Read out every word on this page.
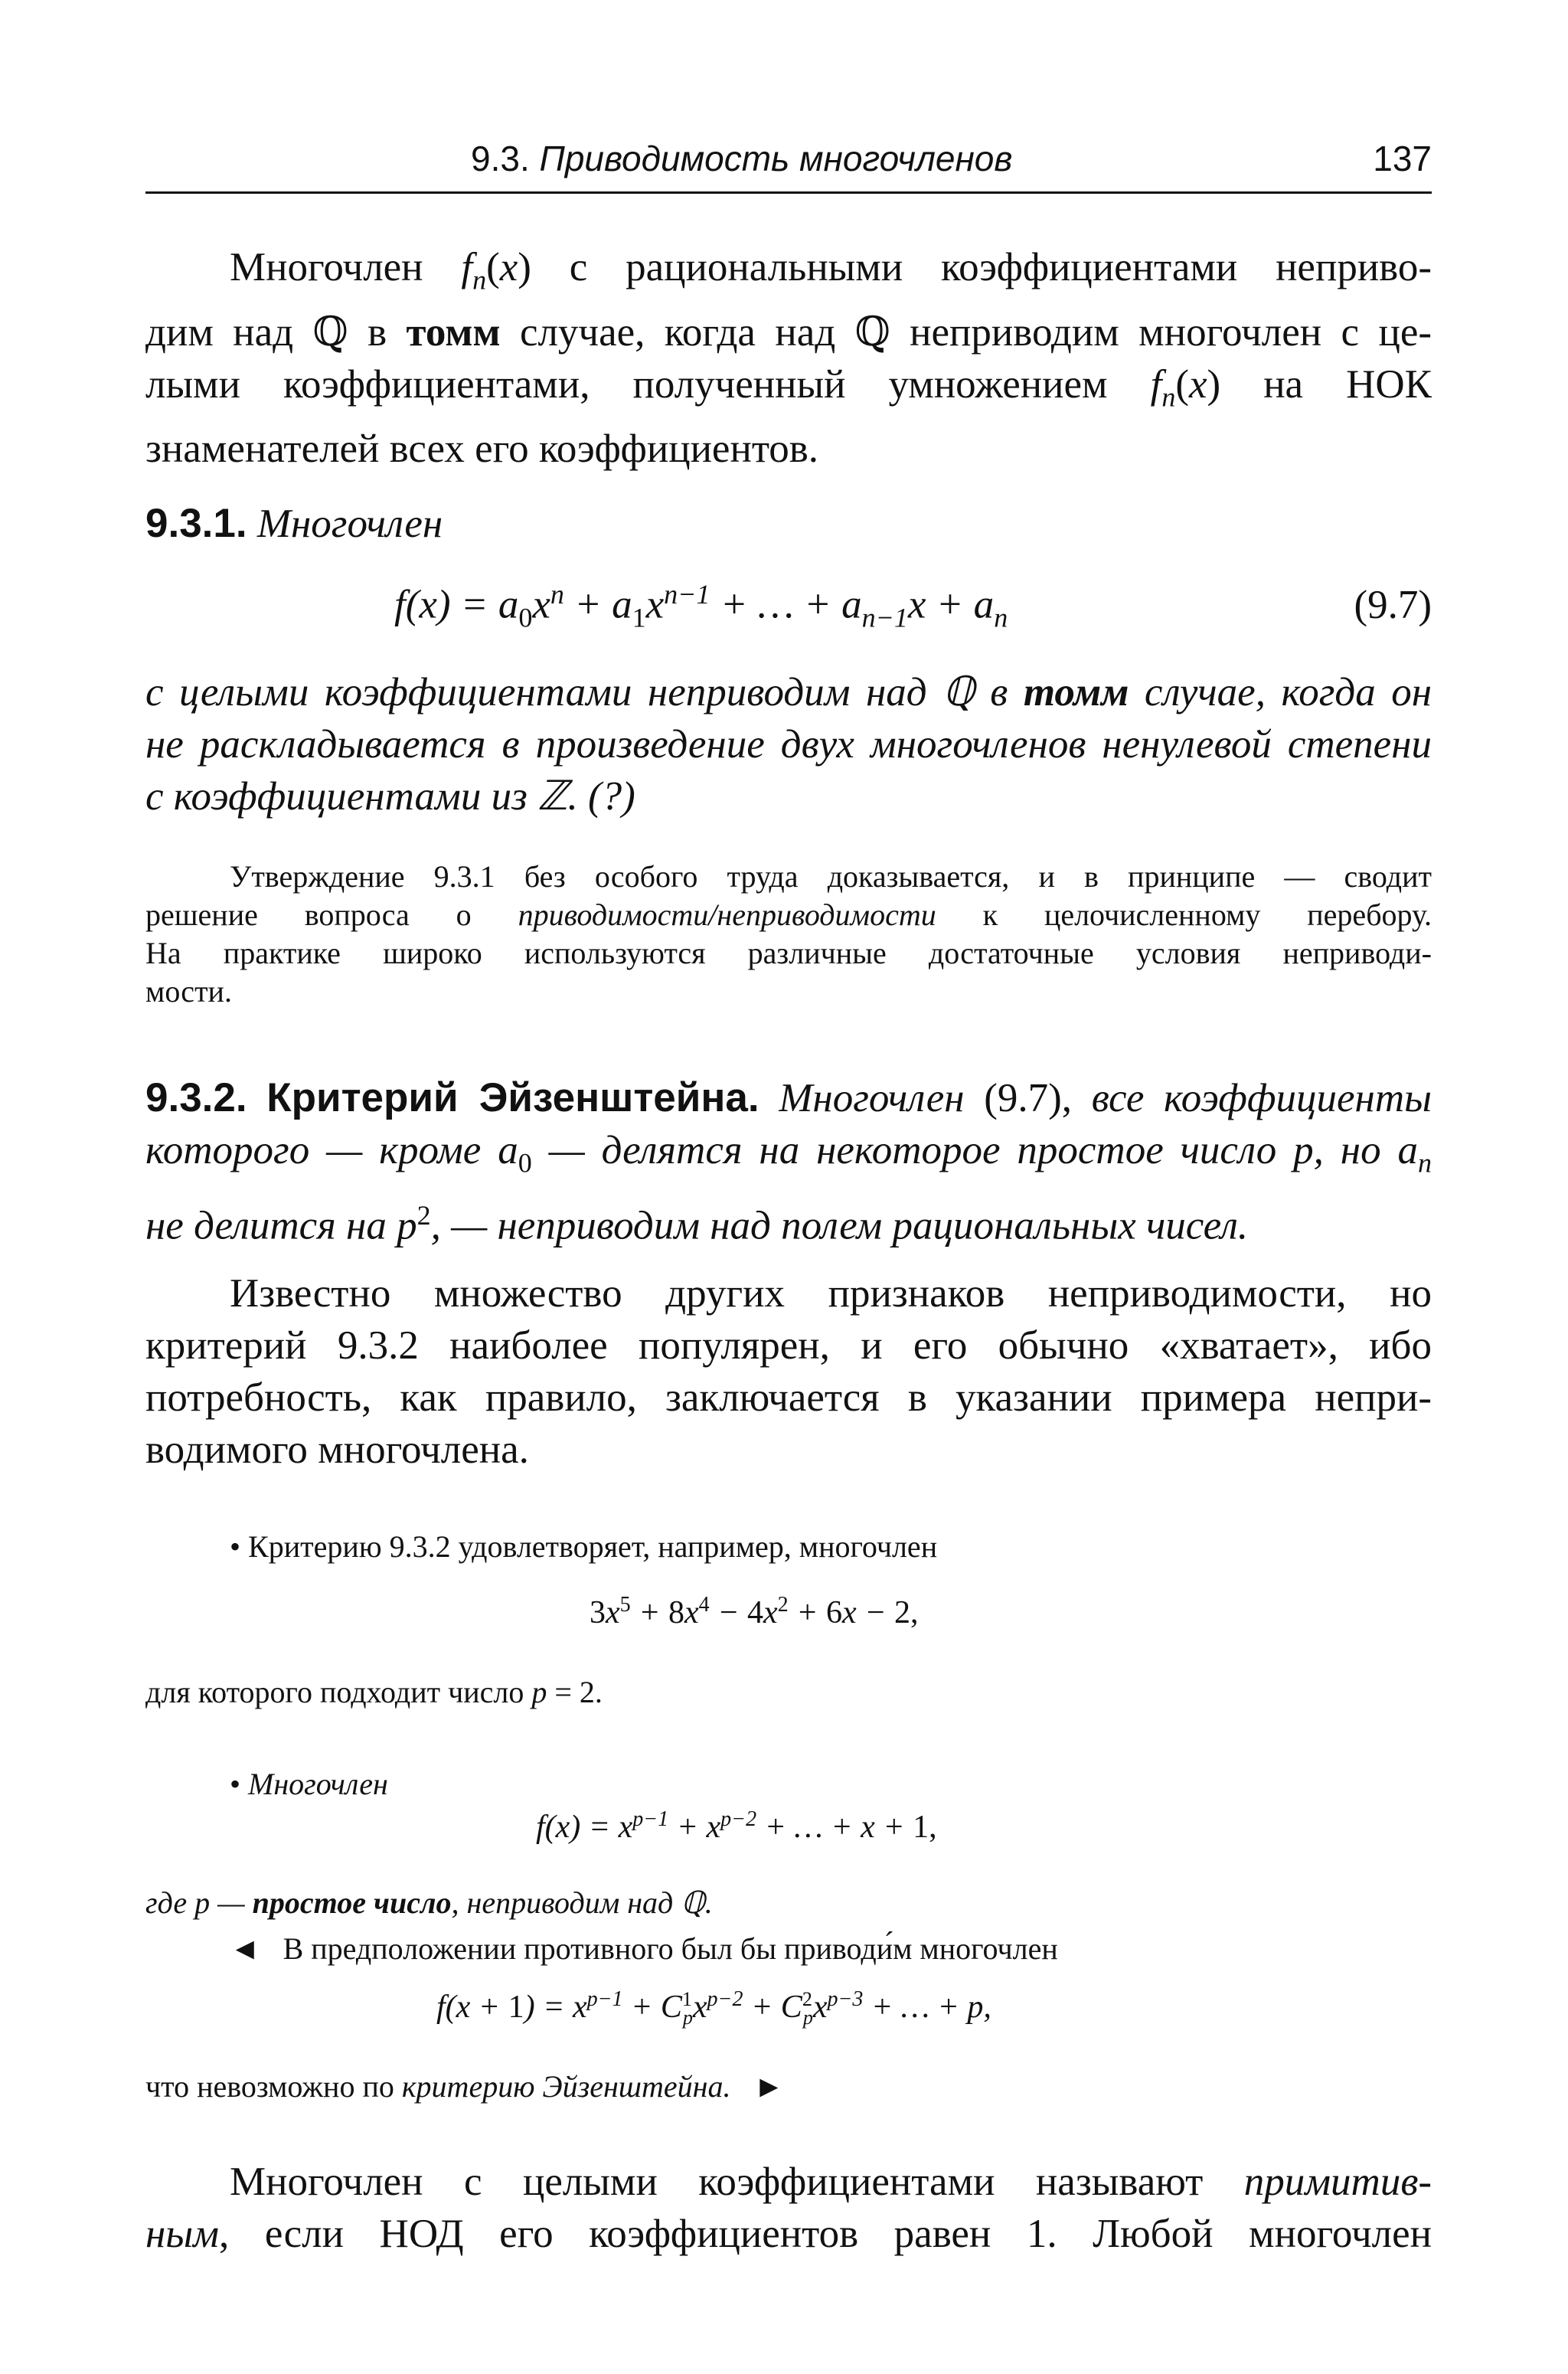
9.3. Приводимость многочленов	137
Многочлен $f_n(x)$ с рациональными коэффициентами неприво-
дим над ℚ в томм случае, когда над ℚ неприводим многочлен с це-
лыми коэффициентами, полученный умножением $f_n(x)$ на НОК
знаменателей всех его коэффициентов.
9.3.1. Многочлен
$f(x) = a_0x^n + a_1x^{n-1}$ + … + $a_{n-1}x + a_n$	(9.7)
с целыми коэффициентами неприводим над ℚ в томм случае, когда он
не раскладывается в произведение двух многочленов ненулевой степени
с коэффициентами из ℤ. (?)
Утверждение 9.3.1 без особого труда доказывается, и в принципе — сводит
решение вопроса о приводимости/неприводимости к целочисленному перебору.
На практике широко используются различные достаточные условия неприводи-
мости.
9.3.2. Критерий Эйзенштейна. Многочлен (9.7), все коэффициенты
которого — кроме $a_0$ — делятся на некоторое простое число p, но $a_n$
не делится на $p^2$, — неприводим над полем рациональных чисел.
Известно множество других признаков неприводимости, но
критерий 9.3.2 наиболее популярен, и его обычно «хватает», ибо
потребность, как правило, заключается в указании примера непри-
водимого многочлена.
• Критерию 9.3.2 удовлетворяет, например, многочлен
$3x^5 + 8x^4 - 4x^2 + 6x - 2$,
для которого подходит число p = 2.
• Многочлен
$f(x) = x^{p-1} + x^{p-2}$ + … + x + 1,
где p — простое число, неприводим над ℚ.
◄ В предположении противного был бы приводи́м многочлен
$f(x + 1) = x^{p-1} + C^1_px^{p-2} + C^2_px^{p-3}$ + … + p,
что невозможно по критерию Эйзенштейна. ►
Многочлен с целыми коэффициентами называют примитив-
ным, если НОД его коэффициентов равен 1. Любой многочлен
